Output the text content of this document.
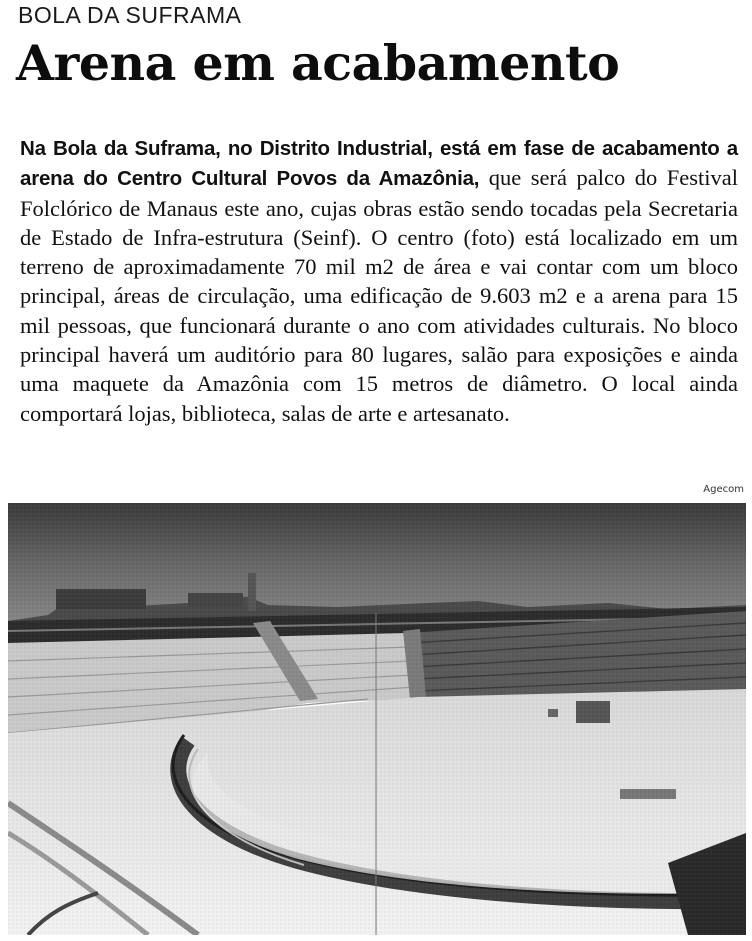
BOLA DA SUFRAMA
Arena em acabamento

Na Bola da Suframa, no Distrito Industrial, está em fase de acabamento a arena do Centro Cultural Povos da Amazônia, que será palco do Festival Folclórico de Manaus este ano, cujas obras estão sendo tocadas pela Secretaria de Estado de Infra-estrutura (Seinf). O centro (foto) está localizado em um terreno de aproximadamente 70 mil m2 de área e vai contar com um bloco principal, áreas de circulação, uma edificação de 9.603 m2 e a arena para 15 mil pessoas, que funcionará durante o ano com atividades culturais. No bloco principal haverá um auditório para 80 lugares, salão para exposições e ainda uma maquete da Amazônia com 15 metros de diâmetro. O local ainda comportará lojas, biblioteca, salas de arte e artesanato.

Agecom
